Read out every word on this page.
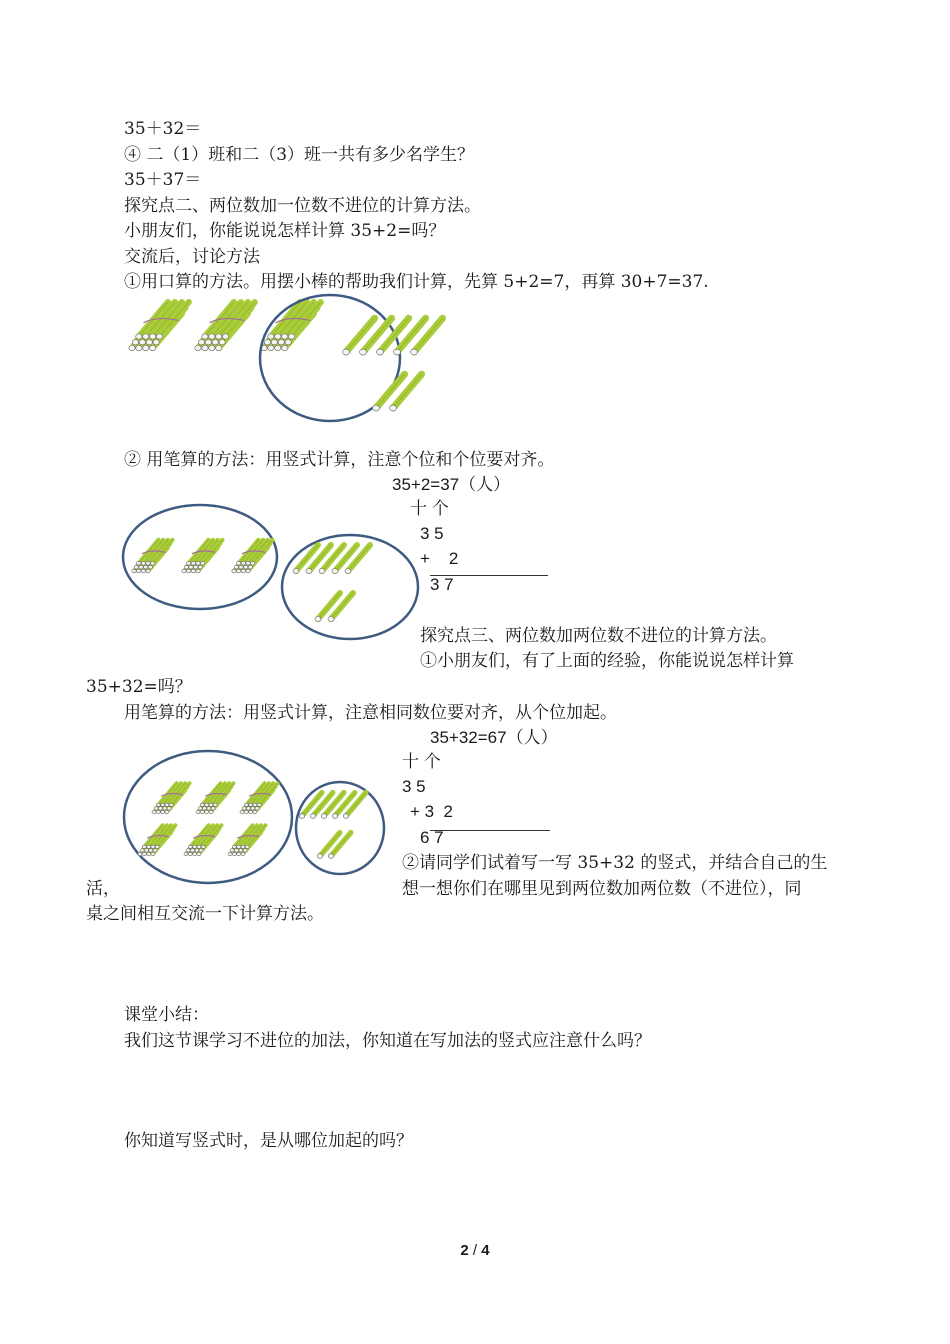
35＋32＝
④ 二（1）班和二（3）班一共有多少名学生？
35＋37＝
探究点二、两位数加一位数不进位的计算方法。
小朋友们，你能说说怎样计算 35+2=吗？
交流后，讨论方法
①用口算的方法。用摆小棒的帮助我们计算，先算 5+2=7，再算 30+7=37.
② 用笔算的方法：用竖式计算，注意个位和个位要对齐。
35+2=37（人）
十 个
3 5
+    2
3 7
探究点三、两位数加两位数不进位的计算方法。
①小朋友们，有了上面的经验，你能说说怎样计算
35+32=吗？
用笔算的方法：用竖式计算，注意相同数位要对齐，从个位加起。
35+32=67（人）
十 个
3 5
+ 3  2
6 7
②请同学们试着写一写 35+32 的竖式，并结合自己的生
活，	想一想你们在哪里见到两位数加两位数（不进位），同
桌之间相互交流一下计算方法。
课堂小结：
我们这节课学习不进位的加法，你知道在写加法的竖式应注意什么吗？
你知道写竖式时，是从哪位加起的吗？
2 / 4
